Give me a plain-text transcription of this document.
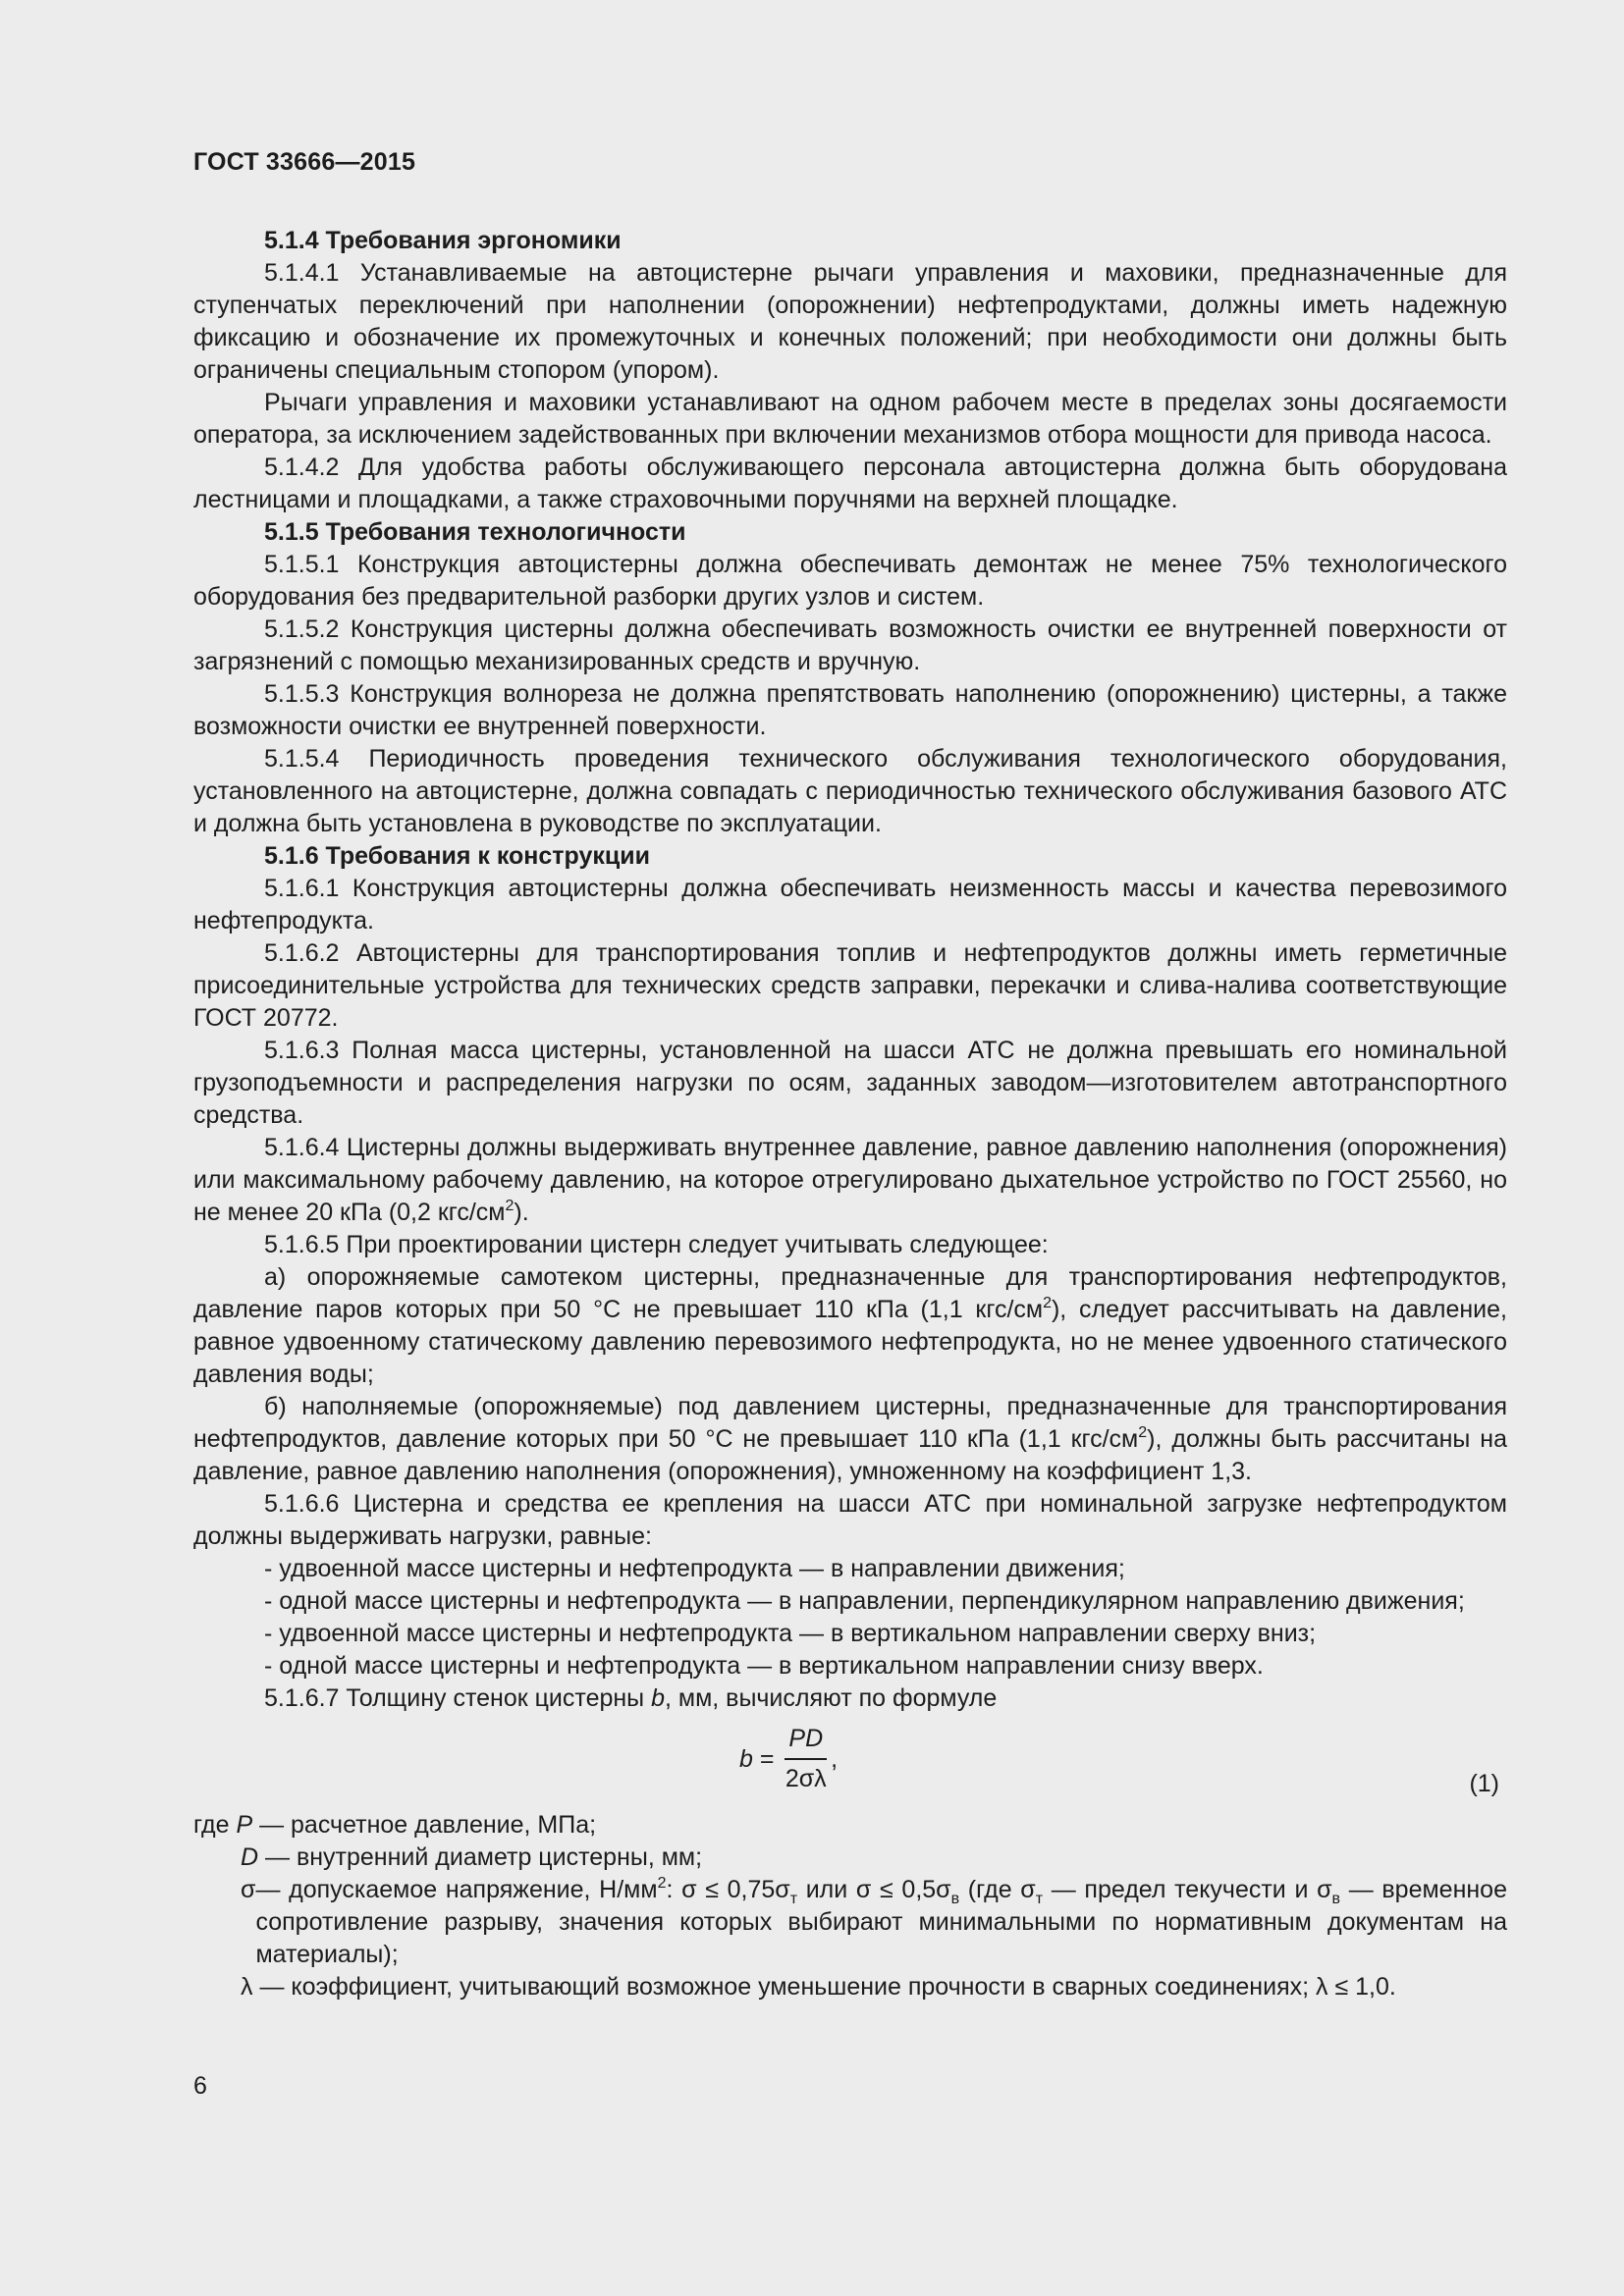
ГОСТ 33666—2015

5.1.4 Требования эргономики

5.1.4.1 Устанавливаемые на автоцистерне рычаги управления и маховики, предназначенные для ступенчатых переключений при наполнении (опорожнении) нефтепродуктами, должны иметь надежную фиксацию и обозначение их промежуточных и конечных положений; при необходимости они должны быть ограничены специальным стопором (упором).

Рычаги управления и маховики устанавливают на одном рабочем месте в пределах зоны досягаемости оператора, за исключением задействованных при включении механизмов отбора мощности для привода насоса.

5.1.4.2 Для удобства работы обслуживающего персонала автоцистерна должна быть оборудована лестницами и площадками, а также страховочными поручнями на верхней площадке.

5.1.5 Требования технологичности

5.1.5.1 Конструкция автоцистерны должна обеспечивать демонтаж не менее 75% технологического оборудования без предварительной разборки других узлов и систем.

5.1.5.2 Конструкция цистерны должна обеспечивать возможность очистки ее внутренней поверхности от загрязнений с помощью механизированных средств и вручную.

5.1.5.3 Конструкция волнореза не должна препятствовать наполнению (опорожнению) цистерны, а также возможности очистки ее внутренней поверхности.

5.1.5.4 Периодичность проведения технического обслуживания технологического оборудования, установленного на автоцистерне, должна совпадать с периодичностью технического обслуживания базового АТС и должна быть установлена в руководстве по эксплуатации.

5.1.6 Требования к конструкции

5.1.6.1 Конструкция автоцистерны должна обеспечивать неизменность массы и качества перевозимого нефтепродукта.

5.1.6.2 Автоцистерны для транспортирования топлив и нефтепродуктов должны иметь герметичные присоединительные устройства для технических средств заправки, перекачки и слива-налива соответствующие ГОСТ 20772.

5.1.6.3 Полная масса цистерны, установленной на шасси АТС не должна превышать его номинальной грузоподъемности и распределения нагрузки по осям, заданных заводом—изготовителем автотранспортного средства.

5.1.6.4 Цистерны должны выдерживать внутреннее давление, равное давлению наполнения (опорожнения) или максимальному рабочему давлению, на которое отрегулировано дыхательное устройство по ГОСТ 25560, но не менее 20 кПа (0,2 кгс/$см^2$).

5.1.6.5 При проектировании цистерн следует учитывать следующее:

а) опорожняемые самотеком цистерны, предназначенные для транспортирования нефтепродуктов, давление паров которых при 50 °С не превышает 110 кПа (1,1 кгс/$см^2$), следует рассчитывать на давление, равное удвоенному статическому давлению перевозимого нефтепродукта, но не менее удвоенного статического давления воды;

б) наполняемые (опорожняемые) под давлением цистерны, предназначенные для транспортирования нефтепродуктов, давление которых при 50 °С не превышает 110 кПа (1,1 кгс/$см^2$), должны быть рассчитаны на давление, равное давлению наполнения (опорожнения), умноженному на коэффициент 1,3.

5.1.6.6 Цистерна и средства ее крепления на шасси АТС при номинальной загрузке нефтепродуктом должны выдерживать нагрузки, равные:

- удвоенной массе цистерны и нефтепродукта — в направлении движения;

- одной массе цистерны и нефтепродукта — в направлении, перпендикулярном направлению движения;

- удвоенной массе цистерны и нефтепродукта — в вертикальном направлении сверху вниз;

- одной массе цистерны и нефтепродукта — в вертикальном направлении снизу вверх.

5.1.6.7 Толщину стенок цистерны b, мм, вычисляют по формуле

$b = \frac{PD}{2\sigma\lambda}$ ,
(1)
где P — расчетное давление, МПа;
D — внутренний диаметр цистерны, мм;
σ — допускаемое напряжение, $Н/мм^2$: $\sigma \le 0,75\sigma_т$ или $\sigma \le 0,5\sigma_в$ (где $\sigma_т$ — предел текучести и $\sigma_в$ — временное сопротивление разрыву, значения которых выбирают минимальными по нормативным документам на материалы);
λ — коэффициент, учитывающий возможное уменьшение прочности в сварных соединениях; λ ≤ 1,0.
6
